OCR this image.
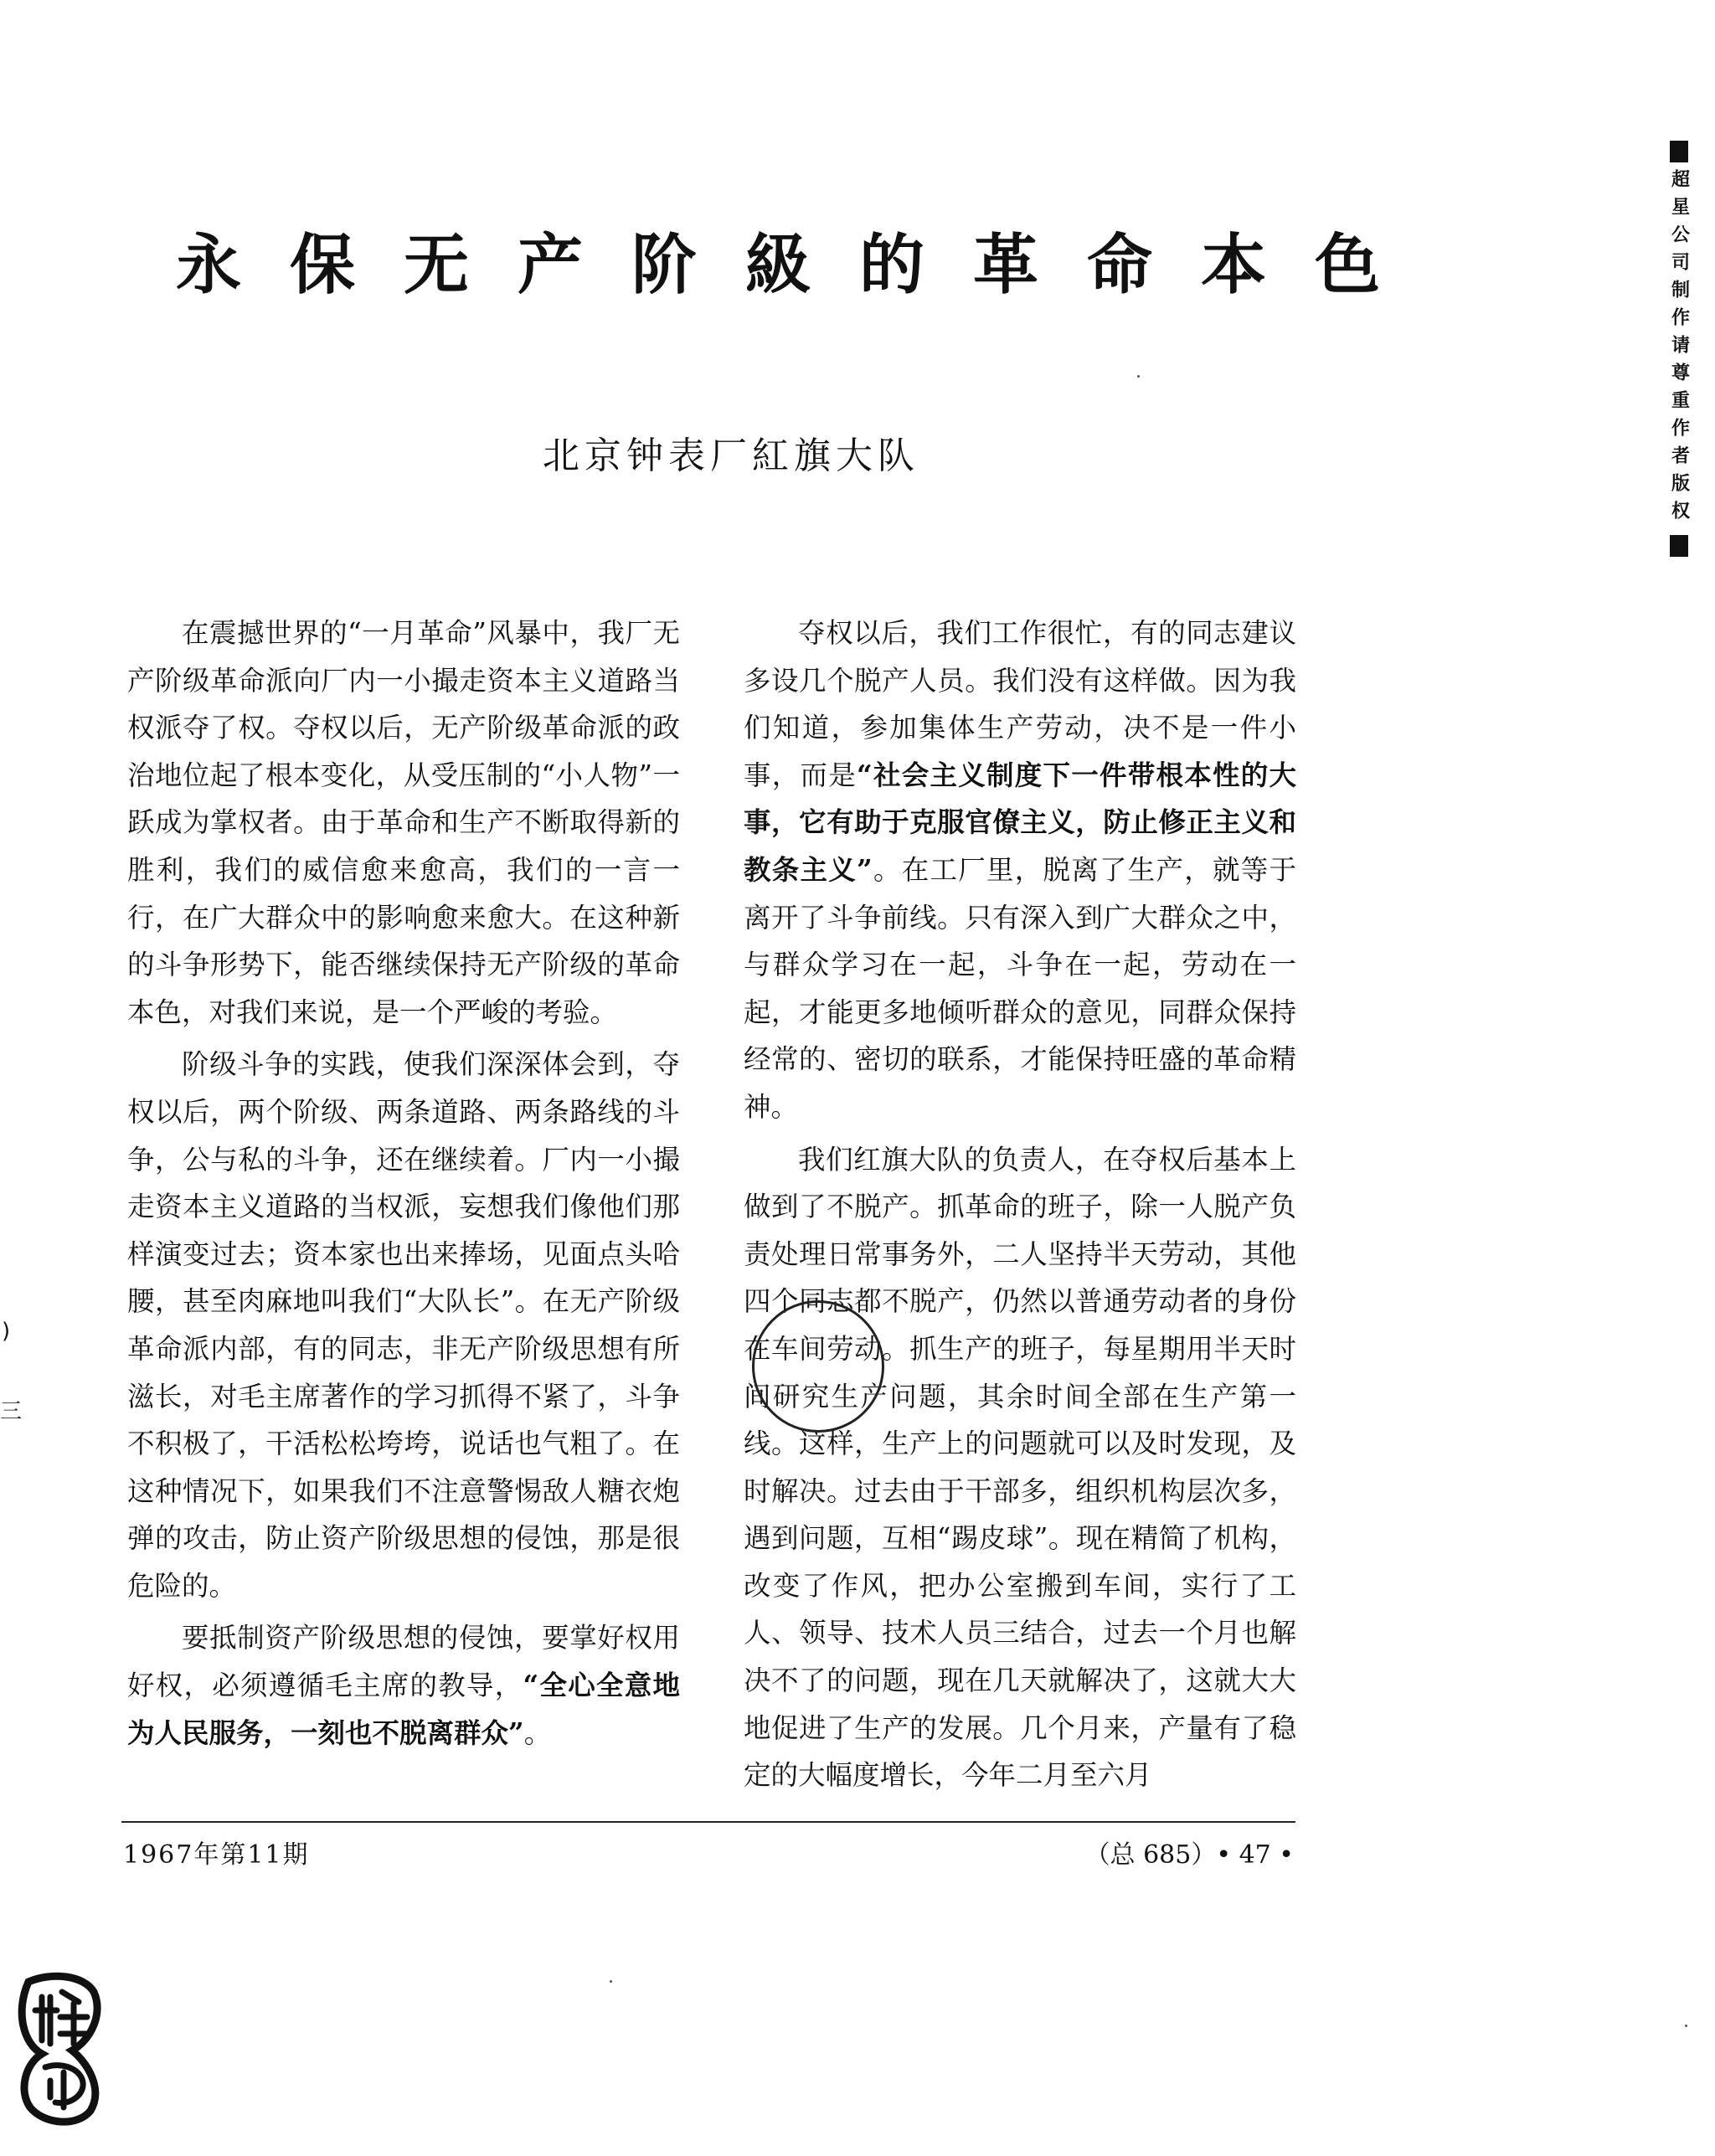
永保无产阶級的革命本色
北京钟表厂紅旗大队

在震撼世界的“一月革命”风暴中，我厂无产阶级革命派向厂内一小撮走资本主义道路当权派夺了权。夺权以后，无产阶级革命派的政治地位起了根本变化，从受压制的“小人物”一跃成为掌权者。由于革命和生产不断取得新的胜利，我们的威信愈来愈高，我们的一言一行，在广大群众中的影响愈来愈大。在这种新的斗争形势下，能否继续保持无产阶级的革命本色，对我们来说，是一个严峻的考验。

阶级斗争的实践，使我们深深体会到，夺权以后，两个阶级、两条道路、两条路线的斗争，公与私的斗争，还在继续着。厂内一小撮走资本主义道路的当权派，妄想我们像他们那样演变过去；资本家也出来捧场，见面点头哈腰，甚至肉麻地叫我们“大队长”。在无产阶级革命派内部，有的同志，非无产阶级思想有所滋长，对毛主席著作的学习抓得不紧了，斗争不积极了，干活松松垮垮，说话也气粗了。在这种情况下，如果我们不注意警惕敌人糖衣炮弹的攻击，防止资产阶级思想的侵蚀，那是很危险的。

要抵制资产阶级思想的侵蚀，要掌好权用好权，必须遵循毛主席的教导，“全心全意地为人民服务，一刻也不脱离群众”。

夺权以后，我们工作很忙，有的同志建议多设几个脱产人员。我们没有这样做。因为我们知道，参加集体生产劳动，决不是一件小事，而是“社会主义制度下一件带根本性的大事，它有助于克服官僚主义，防止修正主义和教条主义”。在工厂里，脱离了生产，就等于离开了斗争前线。只有深入到广大群众之中，与群众学习在一起，斗争在一起，劳动在一起，才能更多地倾听群众的意见，同群众保持经常的、密切的联系，才能保持旺盛的革命精神。

我们红旗大队的负责人，在夺权后基本上做到了不脱产。抓革命的班子，除一人脱产负责处理日常事务外，二人坚持半天劳动，其他四个同志都不脱产，仍然以普通劳动者的身份在车间劳动。抓生产的班子，每星期用半天时间研究生产问题，其余时间全部在生产第一线。这样，生产上的问题就可以及时发现，及时解决。过去由于干部多，组织机构层次多，遇到问题，互相“踢皮球”。现在精简了机构，改变了作风，把办公室搬到车间，实行了工人、领导、技术人员三结合，过去一个月也解决不了的问题，现在几天就解决了，这就大大地促进了生产的发展。几个月来，产量有了稳定的大幅度增长，今年二月至六月

1967年第11期	（总 685）• 47 •
超星公司制作请尊重作者版权
)
三
